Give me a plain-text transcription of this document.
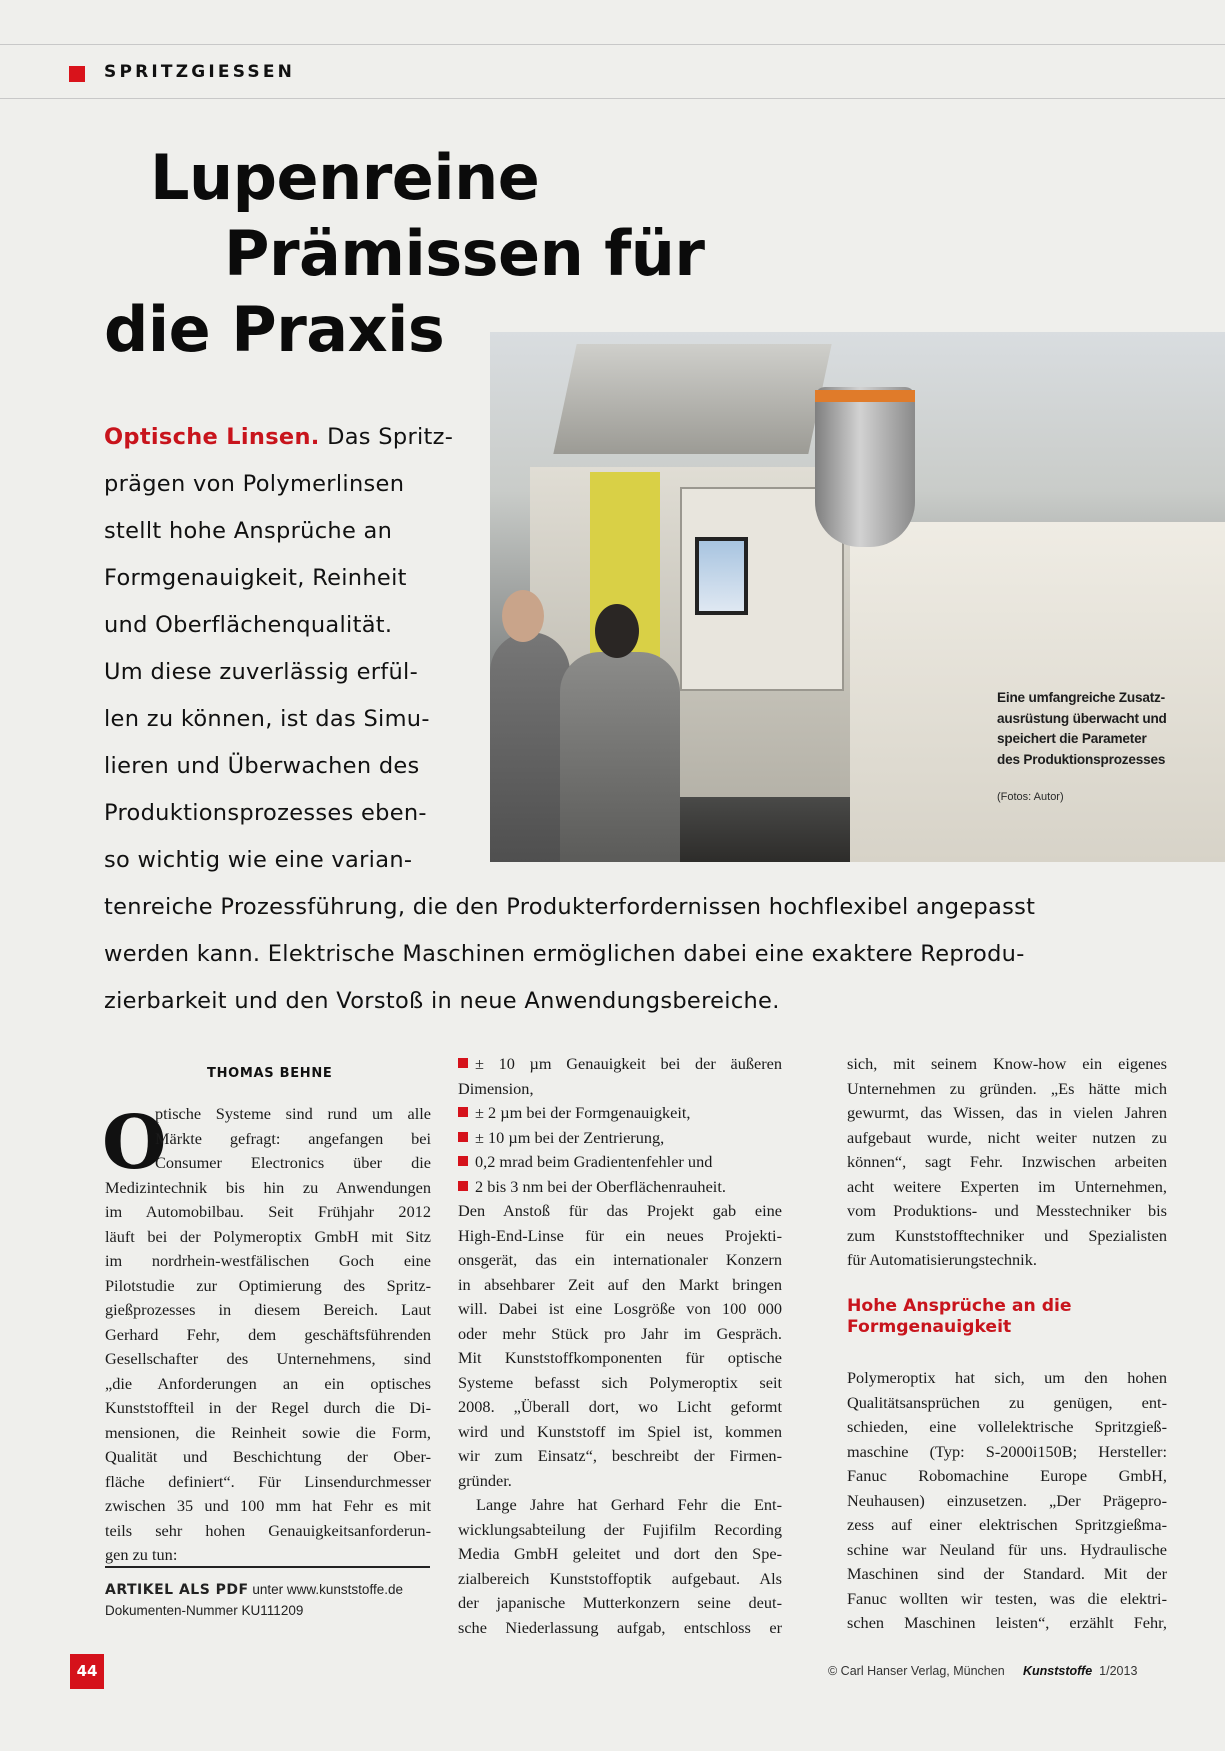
SPRITZGIESSEN
Lupenreine
Prämissen für
die Praxis
Eine umfangreiche Zusatz-
ausrüstung überwacht und
speichert die Parameter
des Produktionsprozesses
(Fotos: Autor)
Optische Linsen. Das Spritz-
prägen von Polymerlinsen
stellt hohe Ansprüche an
Formgenauigkeit, Reinheit
und Oberflächenqualität.
Um diese zuverlässig erfül-
len zu können, ist das Simu-
lieren und Überwachen des
Produktionsprozesses eben-
so wichtig wie eine varian-
tenreiche Prozessführung, die den Produkterfordernissen hochflexibel angepasst
werden kann. Elektrische Maschinen ermöglichen dabei eine exaktere Reprodu-
zierbarkeit und den Vorstoß in neue Anwendungsbereiche.
THOMAS BEHNE
O
ptische Systeme sind rund um alle
Märkte gefragt: angefangen bei
Consumer Electronics über die
Medizintechnik bis hin zu Anwendungen
im Automobilbau. Seit Frühjahr 2012
läuft bei der Polymeroptix GmbH mit Sitz
im nordrhein-westfälischen Goch eine
Pilotstudie zur Optimierung des Spritz-
gießprozesses in diesem Bereich. Laut
Gerhard Fehr, dem geschäftsführenden
Gesellschafter des Unternehmens, sind
„die Anforderungen an ein optisches
Kunststoffteil in der Regel durch die Di-
mensionen, die Reinheit sowie die Form,
Qualität und Beschichtung der Ober-
fläche definiert“. Für Linsendurchmesser
zwischen 35 und 100 mm hat Fehr es mit
teils sehr hohen Genauigkeitsanforderun-
gen zu tun:
± 10 µm Genauigkeit bei der äußeren
Dimension,
± 2 µm bei der Formgenauigkeit,
± 10 µm bei der Zentrierung,
0,2 mrad beim Gradientenfehler und
2 bis 3 nm bei der Oberflächenrauheit.
Den Anstoß für das Projekt gab eine
High-End-Linse für ein neues Projekti-
onsgerät, das ein internationaler Konzern
in absehbarer Zeit auf den Markt bringen
will. Dabei ist eine Losgröße von 100 000
oder mehr Stück pro Jahr im Gespräch.
Mit Kunststoffkomponenten für optische
Systeme befasst sich Polymeroptix seit
2008. „Überall dort, wo Licht geformt
wird und Kunststoff im Spiel ist, kommen
wir zum Einsatz“, beschreibt der Firmen-
gründer.
Lange Jahre hat Gerhard Fehr die Ent-
wicklungsabteilung der Fujifilm Recording
Media GmbH geleitet und dort den Spe-
zialbereich Kunststoffoptik aufgebaut. Als
der japanische Mutterkonzern seine deut-
sche Niederlassung aufgab, entschloss er
sich, mit seinem Know-how ein eigenes
Unternehmen zu gründen. „Es hätte mich
gewurmt, das Wissen, das in vielen Jahren
aufgebaut wurde, nicht weiter nutzen zu
können“, sagt Fehr. Inzwischen arbeiten
acht weitere Experten im Unternehmen,
vom Produktions- und Messtechniker bis
zum Kunststofftechniker und Spezialisten
für Automatisierungstechnik.
Hohe Ansprüche an die
Formgenauigkeit
Polymeroptix hat sich, um den hohen
Qualitätsansprüchen zu genügen, ent-
schieden, eine vollelektrische Spritzgieß-
maschine (Typ: S-2000i150B; Hersteller:
Fanuc Robomachine Europe GmbH,
Neuhausen) einzusetzen. „Der Prägepro-
zess auf einer elektrischen Spritzgießma-
schine war Neuland für uns. Hydraulische
Maschinen sind der Standard. Mit der
Fanuc wollten wir testen, was die elektri-
schen Maschinen leisten“, erzählt Fehr,
ARTIKEL ALS PDF unter www.kunststoffe.de
Dokumenten-Nummer KU111209
44	© Carl Hanser Verlag, München Kunststoffe 1/2013
